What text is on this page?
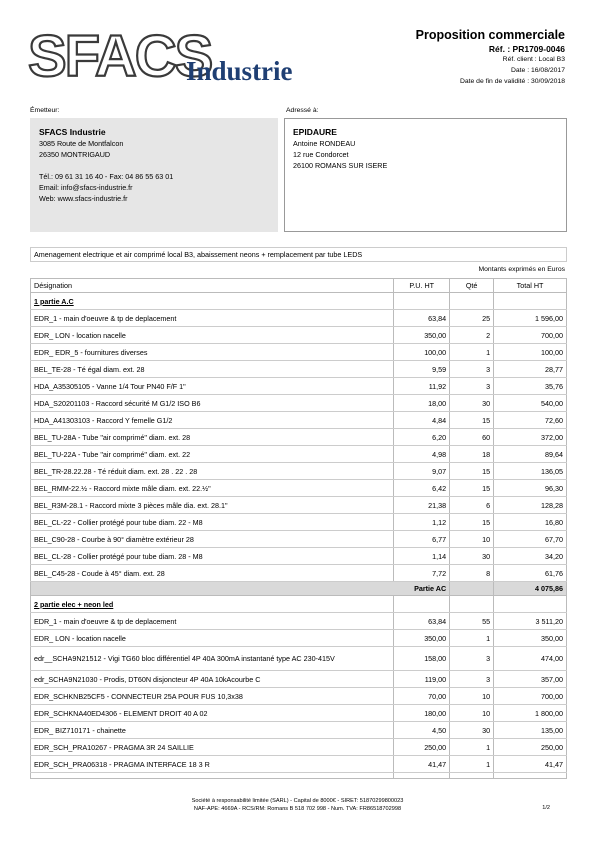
SFACS
Industrie
Proposition commerciale
Réf. : PR1709-0046
Réf. client : Local B3
Date : 16/08/2017
Date de fin de validité : 30/09/2018
Émetteur:	Adressé à:
SFACS Industrie
3085 Route de Montfalcon
26350 MONTRIGAUD
Tél.: 09 61 31 16 40 - Fax: 04 86 55 63 01
Email: info@sfacs-industrie.fr
Web: www.sfacs-industrie.fr
EPIDAURE
Antoine RONDEAU
12 rue Condorcet
26100 ROMANS SUR ISERE
Amenagement electrique et air comprimé local B3, abaissement neons + remplacement par tube LEDS
Montants exprimés en Euros
Désignation	P.U. HT	Qté	Total HT
1 partie A.C			
EDR_1 - main d'oeuvre & tp de deplacement	63,84	25	1 596,00
EDR_ LON - location nacelle	350,00	2	700,00
EDR_ EDR_5 - fournitures diverses	100,00	1	100,00
BEL_TE-28 - Té égal diam. ext. 28	9,59	3	28,77
HDA_A35305105 - Vanne 1/4 Tour PN40 F/F 1"	11,92	3	35,76
HDA_S20201103 - Raccord sécurité M G1/2 ISO B6	18,00	30	540,00
HDA_A41303103 - Raccord Y femelle G1/2	4,84	15	72,60
BEL_TU-28A - Tube "air comprimé" diam. ext. 28	6,20	60	372,00
BEL_TU-22A - Tube "air comprimé" diam. ext. 22	4,98	18	89,64
BEL_TR-28.22.28 - Té réduit diam. ext. 28 . 22 . 28	9,07	15	136,05
BEL_RMM-22.½ - Raccord mixte mâle diam. ext. 22.½"	6,42	15	96,30
BEL_R3M-28.1 - Raccord mixte 3 pièces mâle dia. ext. 28.1"	21,38	6	128,28
BEL_CL-22 - Collier protégé pour tube diam. 22 - M8	1,12	15	16,80
BEL_C90-28 - Courbe à 90° diamètre extérieur 28	6,77	10	67,70
BEL_CL-28 - Collier protégé pour tube diam. 28 - M8	1,14	30	34,20
BEL_C45-28 - Coude à 45° diam. ext. 28	7,72	8	61,76
Partie AC			4 075,86
2 partie elec + neon led			
EDR_1 - main d'oeuvre & tp de deplacement	63,84	55	3 511,20
EDR_ LON - location nacelle	350,00	1	350,00
edr__SCHA9N21512 - Vigi TG60 bloc différentiel 4P 40A 300mA instantané type AC 230-415V	158,00	3	474,00
edr_SCHA9N21030 - Prodis, DT60N disjoncteur 4P 40A 10kAcourbe C	119,00	3	357,00
EDR_SCHKNB25CF5 - CONNECTEUR 25A POUR FUS 10,3x38	70,00	10	700,00
EDR_SCHKNA40ED4306 - ELEMENT DROIT 40 A 02	180,00	10	1 800,00
EDR_ BIZ710171 - chainette	4,50	30	135,00
EDR_SCH_PRA10267 - PRAGMA 3R 24 SAILLIE	250,00	1	250,00
EDR_SCH_PRA06318 - PRAGMA INTERFACE 18 3 R	41,47	1	41,47

Société à responsabilité limitée (SARL) - Capital de 8000€ - SIRET: 51870299800023
NAF-APE: 4669A - RCS/RM: Romans B 518 702 998 - Num. TVA: FR86518702998	1/2
